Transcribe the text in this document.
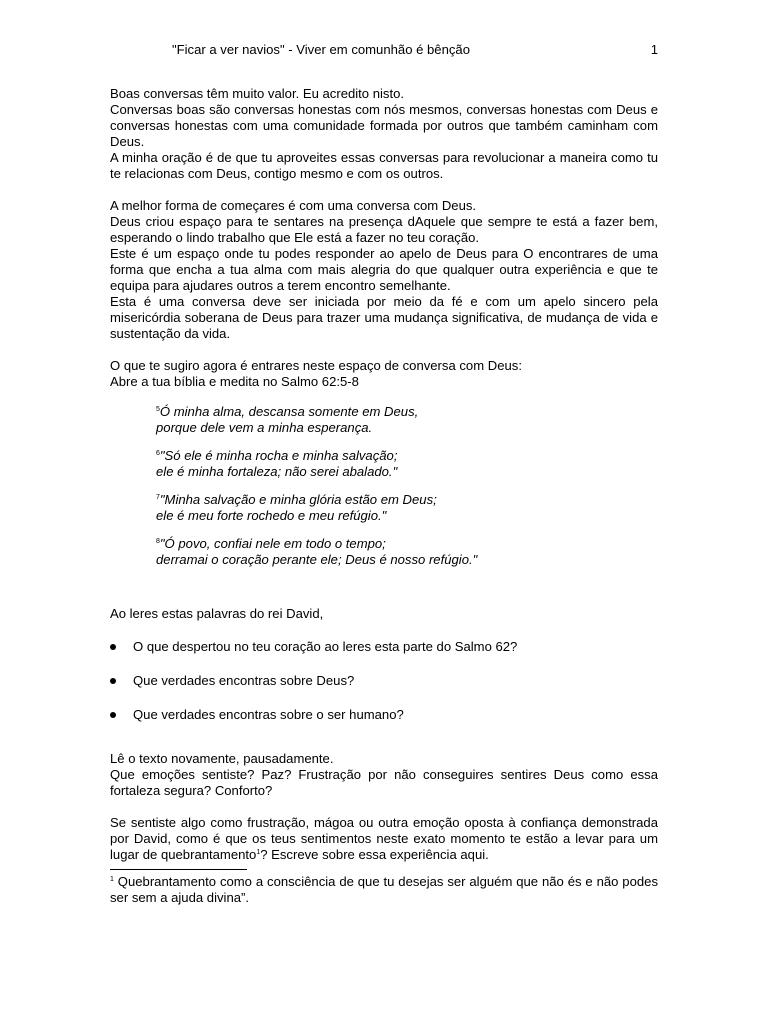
"Ficar a ver navios" - Viver em comunhão é bênção	1

Boas conversas têm muito valor. Eu acredito nisto.

Conversas boas são conversas honestas com nós mesmos, conversas honestas com Deus e conversas honestas com uma comunidade formada por outros que também caminham com Deus.

A minha oração é de que tu aproveites essas conversas para revolucionar a maneira como tu te relacionas com Deus, contigo mesmo e com os outros.

A melhor forma de começares é com uma conversa com Deus.

Deus criou espaço para te sentares na presença dAquele que sempre te está a fazer bem, esperando o lindo trabalho que Ele está a fazer no teu coração.

Este é um espaço onde tu podes responder ao apelo de Deus para O encontrares de uma forma que encha a tua alma com mais alegria do que qualquer outra experiência e que te equipa para ajudares outros a terem encontro semelhante.

Esta é uma conversa deve ser iniciada por meio da fé e com um apelo sincero pela misericórdia soberana de Deus para trazer uma mudança significativa, de mudança de vida e sustentação da vida.

O que te sugiro agora é entrares neste espaço de conversa com Deus:

Abre a tua bíblia e medita no Salmo 62:5-8

$^5$Ó minha alma, descansa somente em Deus,

porque dele vem a minha esperança.

$^6$"Só ele é minha rocha e minha salvação;

ele é minha fortaleza; não serei abalado."

$^7$"Minha salvação e minha glória estão em Deus;

ele é meu forte rochedo e meu refúgio."

$^8$"Ó povo, confiai nele em todo o tempo;

derramai o coração perante ele; Deus é nosso refúgio."

Ao leres estas palavras do rei David,

O que despertou no teu coração ao leres esta parte do Salmo 62?
Que verdades encontras sobre Deus?
Que verdades encontras sobre o ser humano?

Lê o texto novamente, pausadamente.

Que emoções sentiste? Paz? Frustração por não conseguires sentires Deus como essa fortaleza segura? Conforto?

Se sentiste algo como frustração, mágoa ou outra emoção oposta à confiança demonstrada por David, como é que os teus sentimentos neste exato momento te estão a levar para um lugar de quebrantamento$^1$? Escreve sobre essa experiência aqui.

$^1$ Quebrantamento como a consciência de que tu desejas ser alguém que não és e não podes ser sem a ajuda divina”.
